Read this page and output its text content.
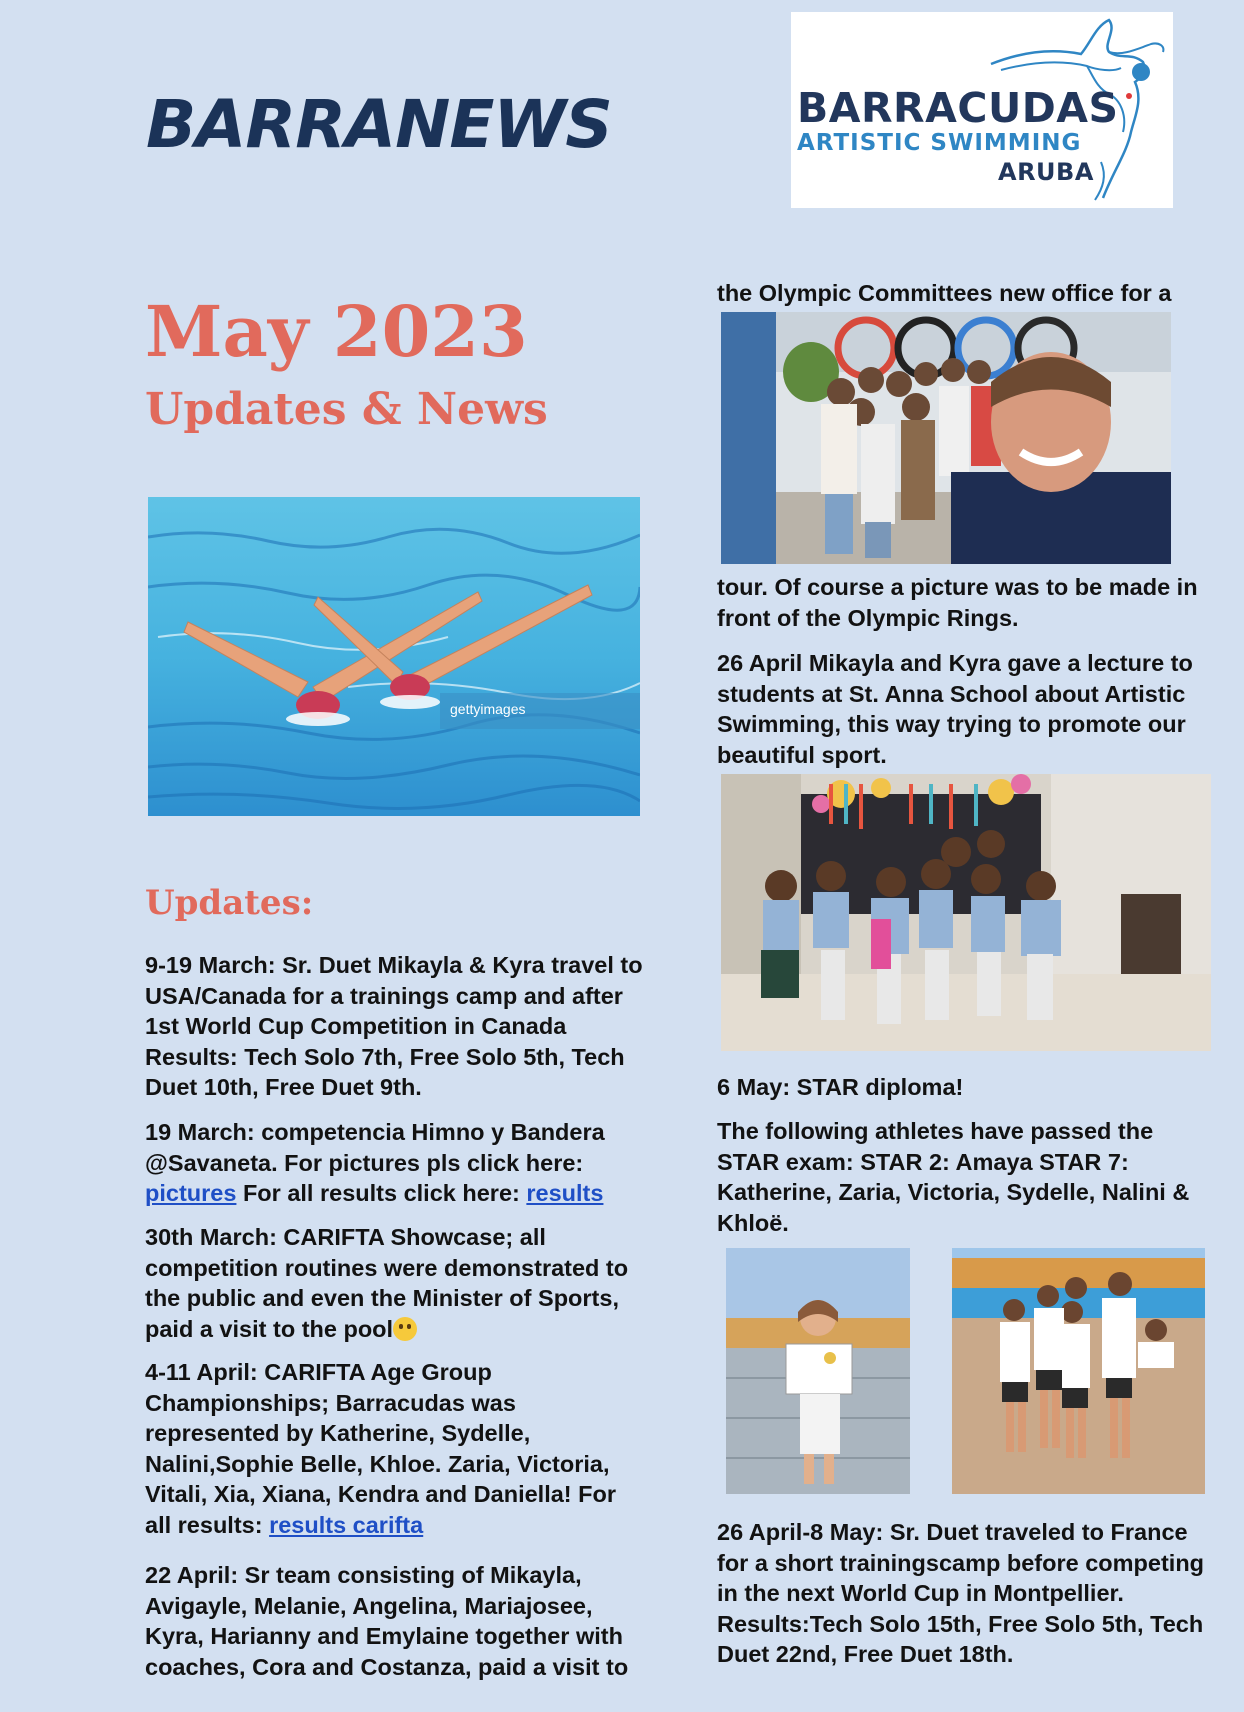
BARRANEWS	BARRACUDAS
ARTISTIC SWIMMING
ARUBA
May 2023
Updates & News
gettyimages
Updates:
9-19 March: Sr. Duet Mikayla & Kyra travel to USA/Canada for a trainings camp and after 1st World Cup Competition in Canada Results: Tech Solo 7th, Free Solo 5th, Tech Duet 10th, Free Duet 9th.
19 March: competencia Himno y Bandera @Savaneta. For pictures pls click here: pictures For all results click here: results
30th March: CARIFTA Showcase; all competition routines were demonstrated to the public and even the Minister of Sports, paid a visit to the pool
4-11 April: CARIFTA Age Group Championships; Barracudas was represented by Katherine, Sydelle, Nalini,Sophie Belle, Khloe. Zaria, Victoria, Vitali, Xia, Xiana, Kendra and Daniella! For all results: results carifta
22 April: Sr team consisting of Mikayla, Avigayle, Melanie, Angelina, Mariajosee, Kyra, Harianny and Emylaine together with coaches, Cora and Costanza, paid a visit to
the Olympic Committees new office for a
tour. Of course a picture was to be made in front of the Olympic Rings.
26 April Mikayla and Kyra gave a lecture to students at St. Anna School about Artistic Swimming, this way trying to promote our beautiful sport.
6 May: STAR diploma!
The following athletes have passed the STAR exam: STAR 2: Amaya STAR 7: Katherine, Zaria, Victoria, Sydelle, Nalini & Khloë.
26 April-8 May: Sr. Duet traveled to France for a short trainingscamp before competing in the next World Cup in Montpellier. Results:Tech Solo 15th, Free Solo 5th, Tech Duet 22nd, Free Duet 18th.
